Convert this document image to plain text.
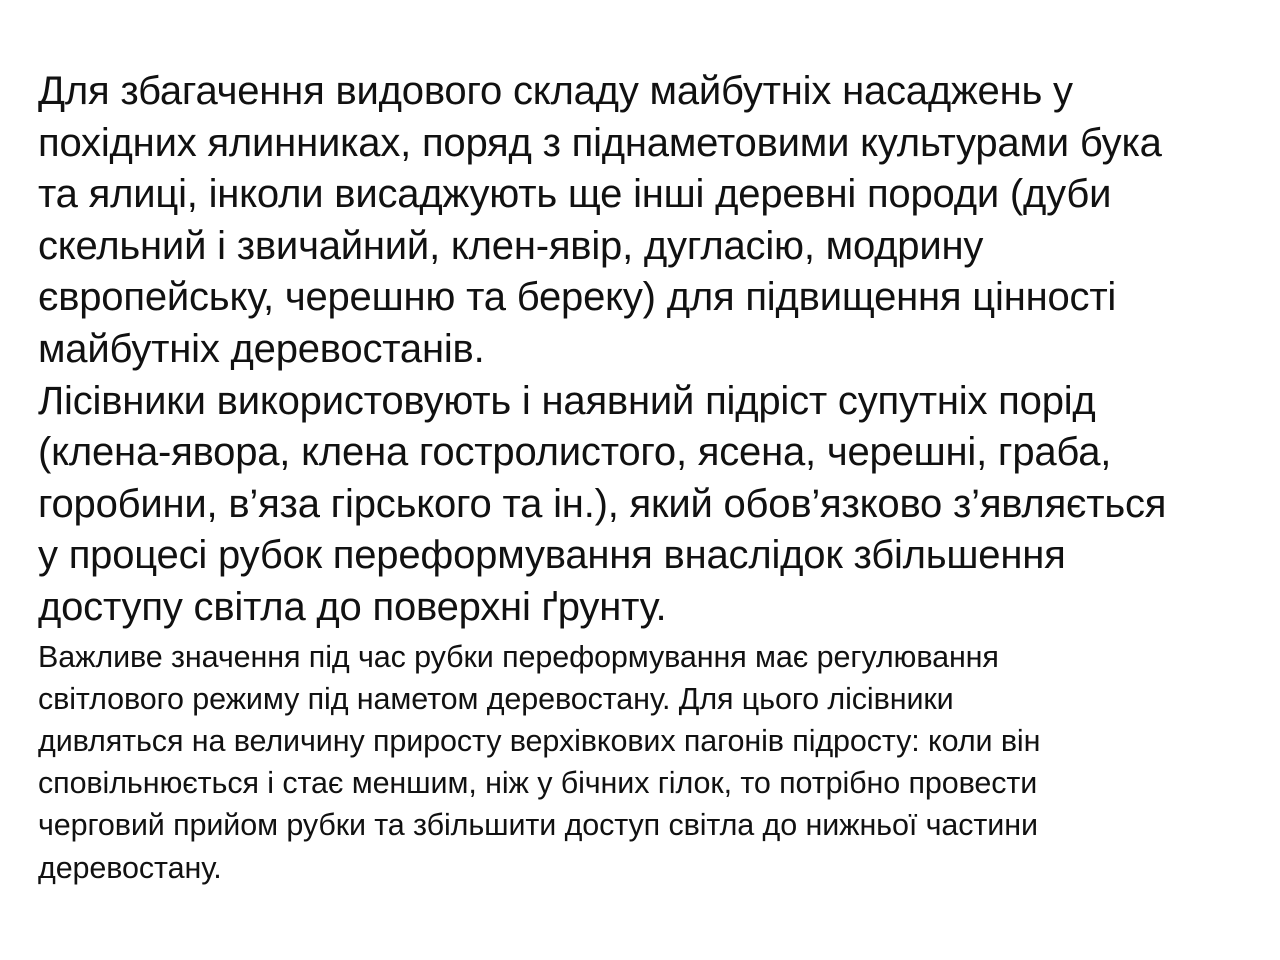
Для збагачення видового складу майбутніх насаджень у
похідних ялинниках, поряд з піднаметовими культурами бука
та ялиці, інколи висаджують ще інші деревні породи (дуби
скельний і звичайний, клен-явір, дугласію, модрину
європейську, черешню та береку) для підвищення цінності
майбутніх деревостанів.

Лісівники використовують і наявний підріст супутніх порід
(клена-явора, клена гостролистого, ясена, черешні, граба,
горобини, в’яза гірського та ін.), який обов’язково з’являється
у процесі рубок переформування внаслідок збільшення
доступу світла до поверхні ґрунту.

Важливе значення під час рубки переформування має регулювання
світлового режиму під наметом деревостану. Для цього лісівники
дивляться на величину приросту верхівкових пагонів підросту: коли він
сповільнюється і стає меншим, ніж у бічних гілок, то потрібно провести
черговий прийом рубки та збільшити доступ світла до нижньої частини
деревостану.
